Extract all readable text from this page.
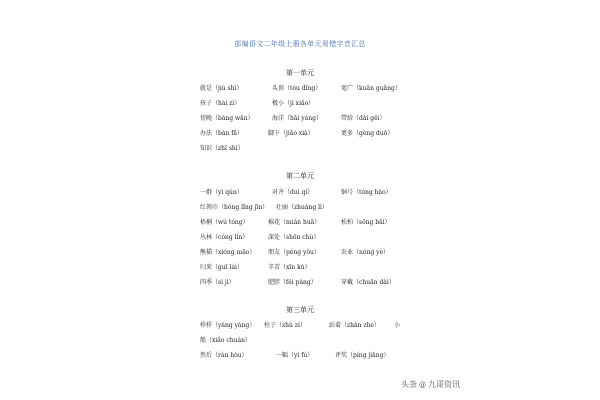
部编语文二年级上册各单元易错字音汇总
第一单元
就是（jiù shì）	头顶（tóu dǐng）	宽广（kuān guǎng）
孩子（hái zi）	极小（jí xiǎo）
傍晚（bàng wǎn）	海洋（hǎi yáng）	带给（dài gěi）
办法（bàn fǎ）	脚下（jiǎo xià）	更多（gèng duō）
知识（zhī shi）
第二单元
一群（yì qún）	对齐（duì qí）	铜号（tóng hào）
红领巾（hóng lǐng jīn） 壮丽（zhuàng lì）
梧桐（wú tóng）	棉花（mián huā）	松柏（sōng bǎi）
丛林（cóng lín）	深处（shēn chù）
熊猫（xióng māo） 朋友（péng yǒu）	农业（nóng yè）
归来（guī lái）	辛苦（xīn kǔ）
四季（sì jì）	肥胖（féi pàng）	穿戴（chuān dài）
第三单元
样样（yàng yàng） 柱子（zhù zi）	站着（zhàn zhe） 小
船（xiǎo chuán）
然后（rán hòu）	一幅（yì fú）	评奖（píng jiǎng）
头条 @ 九哥资讯
